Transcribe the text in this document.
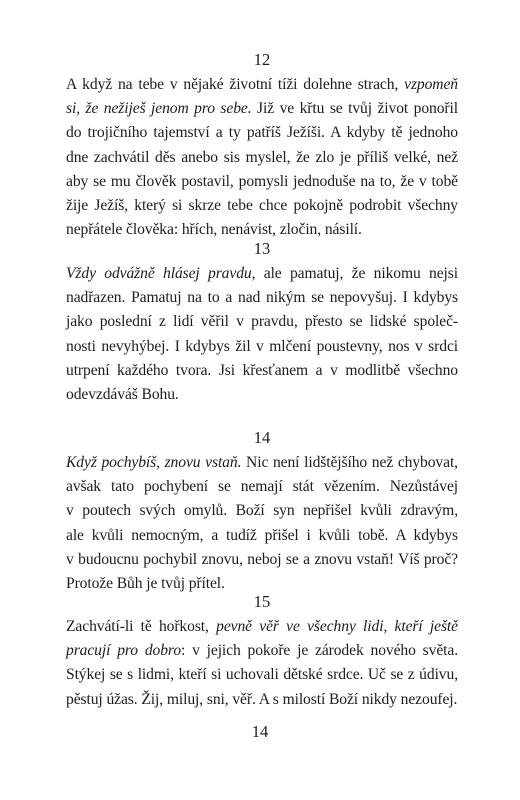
12

A když na tebe v nějaké životní tíži dolehne strach, vzpomeň
si, že nežiješ jenom pro sebe. Již ve křtu se tvůj život ponořil
do trojičního tajemství a ty patříš Ježíši. A kdyby tě jednoho
dne zachvátil děs anebo sis myslel, že zlo je příliš velké, než
aby se mu člověk postavil, pomysli jednoduše na to, že v tobě
žije Ježíš, který si skrze tebe chce pokojně podrobit všechny
nepřátele člověka: hřích, nenávist, zločin, násilí.

13

Vždy odvážně hlásej pravdu, ale pamatuj, že nikomu nejsi
nadřazen. Pamatuj na to a nad nikým se nepovyšuj. I kdybys
jako poslední z lidí věřil v pravdu, přesto se lidské společ-
nosti nevyhýbej. I kdybys žil v mlčení poustevny, nos v srdci
utrpení každého tvora. Jsi křesťanem a v modlitbě všechno
odevzdáváš Bohu.

14

Když pochybíš, znovu vstaň. Nic není lidštějšího než chybovat,
avšak tato pochybení se nemají stát vězením. Nezůstávej
v poutech svých omylů. Boží syn nepřišel kvůli zdravým,
ale kvůli nemocným, a tudíž přišel i kvůli tobě. A kdybys
v budoucnu pochybil znovu, neboj se a znovu vstaň! Víš proč?
Protože Bůh je tvůj přítel.

15

Zachvátí-li tě hořkost, pevně věř ve všechny lidi, kteří ještě
pracují pro dobro: v jejich pokoře je zárodek nového světa.
Stýkej se s lidmi, kteří si uchovali dětské srdce. Uč se z údivu,
pěstuj úžas. Žij, miluj, sni, věř. A s milostí Boží nikdy nezoufej.

14
